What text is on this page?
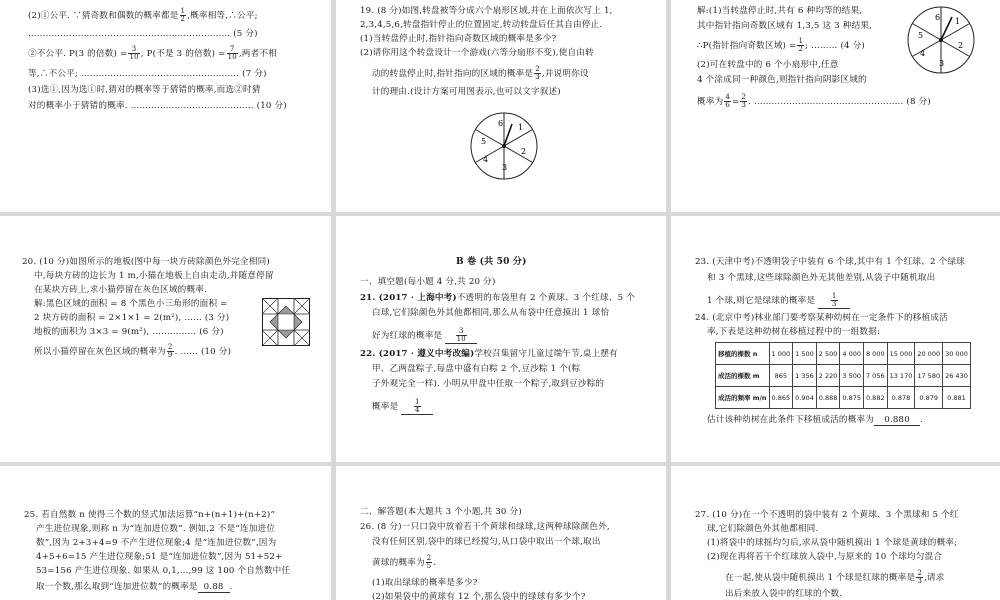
(2)①公平. ∵猜奇数和偶数的概率都是 $\frac{1}{2}$ ,概率相等,∴公平;
…………………………………………………………… (5 分)
②不公平. P(3 的倍数) = $\frac{3}{10}$ , P(不是 3 的倍数) = $\frac{7}{10}$ ,两者不相
等,∴不公平; ……………………………………………… (7 分)
(3)选①,因为选①时,猜对的概率等于猜错的概率,而选②时猜
对的概率小于猜错的概率. …………………………………… (10 分)
19. (8 分)如图,转盘被等分成六个扇形区域,并在上面依次写上 1,
2,3,4,5,6,转盘指针停止的位置固定,转动转盘后任其自由停止.
(1)当转盘停止时,指针指向奇数区域的概率是多少?
(2)请你用这个转盘设计一个游戏(六等分扇形不变),使自由转
动的转盘停止时,指针指向的区域的概率是 $\frac{2}{3}$ ,并说明你设
计的理由.(设计方案可用图表示,也可以文字叙述)
1
2
3
4
5
6
解:(1)当转盘停止时,共有 6 种均等的结果,
其中指针指向奇数区域有 1,3,5 这 3 种结果,
∴P(指针指向奇数区域) = $\frac{1}{2}$ ; ……… (4 分)
(2)可在转盘中的 6 个小扇形中,任意
4 个涂成同一种颜色,则指针指向阴影区域的
概率为 $\frac{4}{6} = \frac{2}{3}$ . …………………………………………… (8 分)
1
2
3
4
5
6
20. (10 分)如图所示的地板(图中每一块方砖除颜色外完全相同)
中,每块方砖的边长为 1 m,小猫在地板上自由走动,并随意停留
在某块方砖上,求小猫停留在灰色区域的概率.
解:黑色区域的面积 = 8 个黑色小三角形的面积 =
2 块方砖的面积 = 2×1×1 = 2(m²), …… (3 分)
地板的面积为 3×3 = 9(m²), …………… (6 分)
所以小猫停留在灰色区域的概率为 $\frac{2}{9}$ . …… (10 分)
B 卷 (共 50 分)
一、填空题(每小题 4 分,共 20 分)
21. (2017 · 上海中考)不透明的布袋里有 2 个黄球、3 个红球、5 个
白球,它们除颜色外其他都相同,那么从布袋中任意摸出 1 球恰
好为红球的概率是 $\frac{3}{10}$
22. (2017 · 遵义中考改编)学校召集留守儿童过端午节,桌上摆有
甲、乙两盘粽子,每盘中盛有白粽 2 个,豆沙粽 1 个(粽
子外观完全一样). 小明从甲盘中任取一个粽子,取到豆沙粽的
概率是 $\frac{1}{4}$
23. (天津中考)不透明袋子中装有 6 个球,其中有 1 个红球、2 个绿球
和 3 个黑球,这些球除颜色外无其他差别,从袋子中随机取出
1 个球,则它是绿球的概率是 $\frac{1}{3}$
24. (北京中考)林业部门要考察某种幼树在一定条件下的移植成活
率,下表是这种幼树在移植过程中的一组数据:
移植的棵数 n	1 000	1 500	2 500	4 000	8 000	15 000	20 000	30 000
成活的棵数 m	865	1 356	2 220	3 500	7 056	13 170	17 580	26 430
成活的频率 m/n	0.865	0.904	0.888	0.875	0.882	0.878	0.879	0.881
估计该种幼树在此条件下移植成活的概率为 0.880 .
25. 若自然数 n 使得三个数的竖式加法运算“n+(n+1)+(n+2)”
产生进位现象,则称 n 为“连加进位数”. 例如,2 不是“连加进位
数”,因为 2+3+4=9 不产生进位现象;4 是“连加进位数”,因为
4+5+6=15 产生进位现象;51 是“连加进位数”,因为 51+52+
53=156 产生进位现象. 如果从 0,1,…,99 这 100 个自然数中任
取一个数,那么取到“连加进位数”的概率是 0.88 .
二、解答题(本大题共 3 个小题,共 30 分)
26. (8 分)一只口袋中放着若干个黄球和绿球,这两种球除颜色外,
没有任何区别,袋中的球已经搅匀,从口袋中取出一个球,取出
黄球的概率为 $\frac{2}{5}$ .
(1)取出绿球的概率是多少?
(2)如果袋中的黄球有 12 个,那么袋中的绿球有多少个?
27. (10 分)在一个不透明的袋中装有 2 个黄球、3 个黑球和 5 个红
球,它们除颜色外其他都相同.
(1)将袋中的球摇均匀后,求从袋中随机摸出 1 个球是黄球的概率;
(2)现在再将若干个红球放入袋中,与原来的 10 个球均匀混合
在一起,使从袋中随机摸出 1 个球是红球的概率是 $\frac{2}{3}$ ,请求
出后来放入袋中的红球的个数.
